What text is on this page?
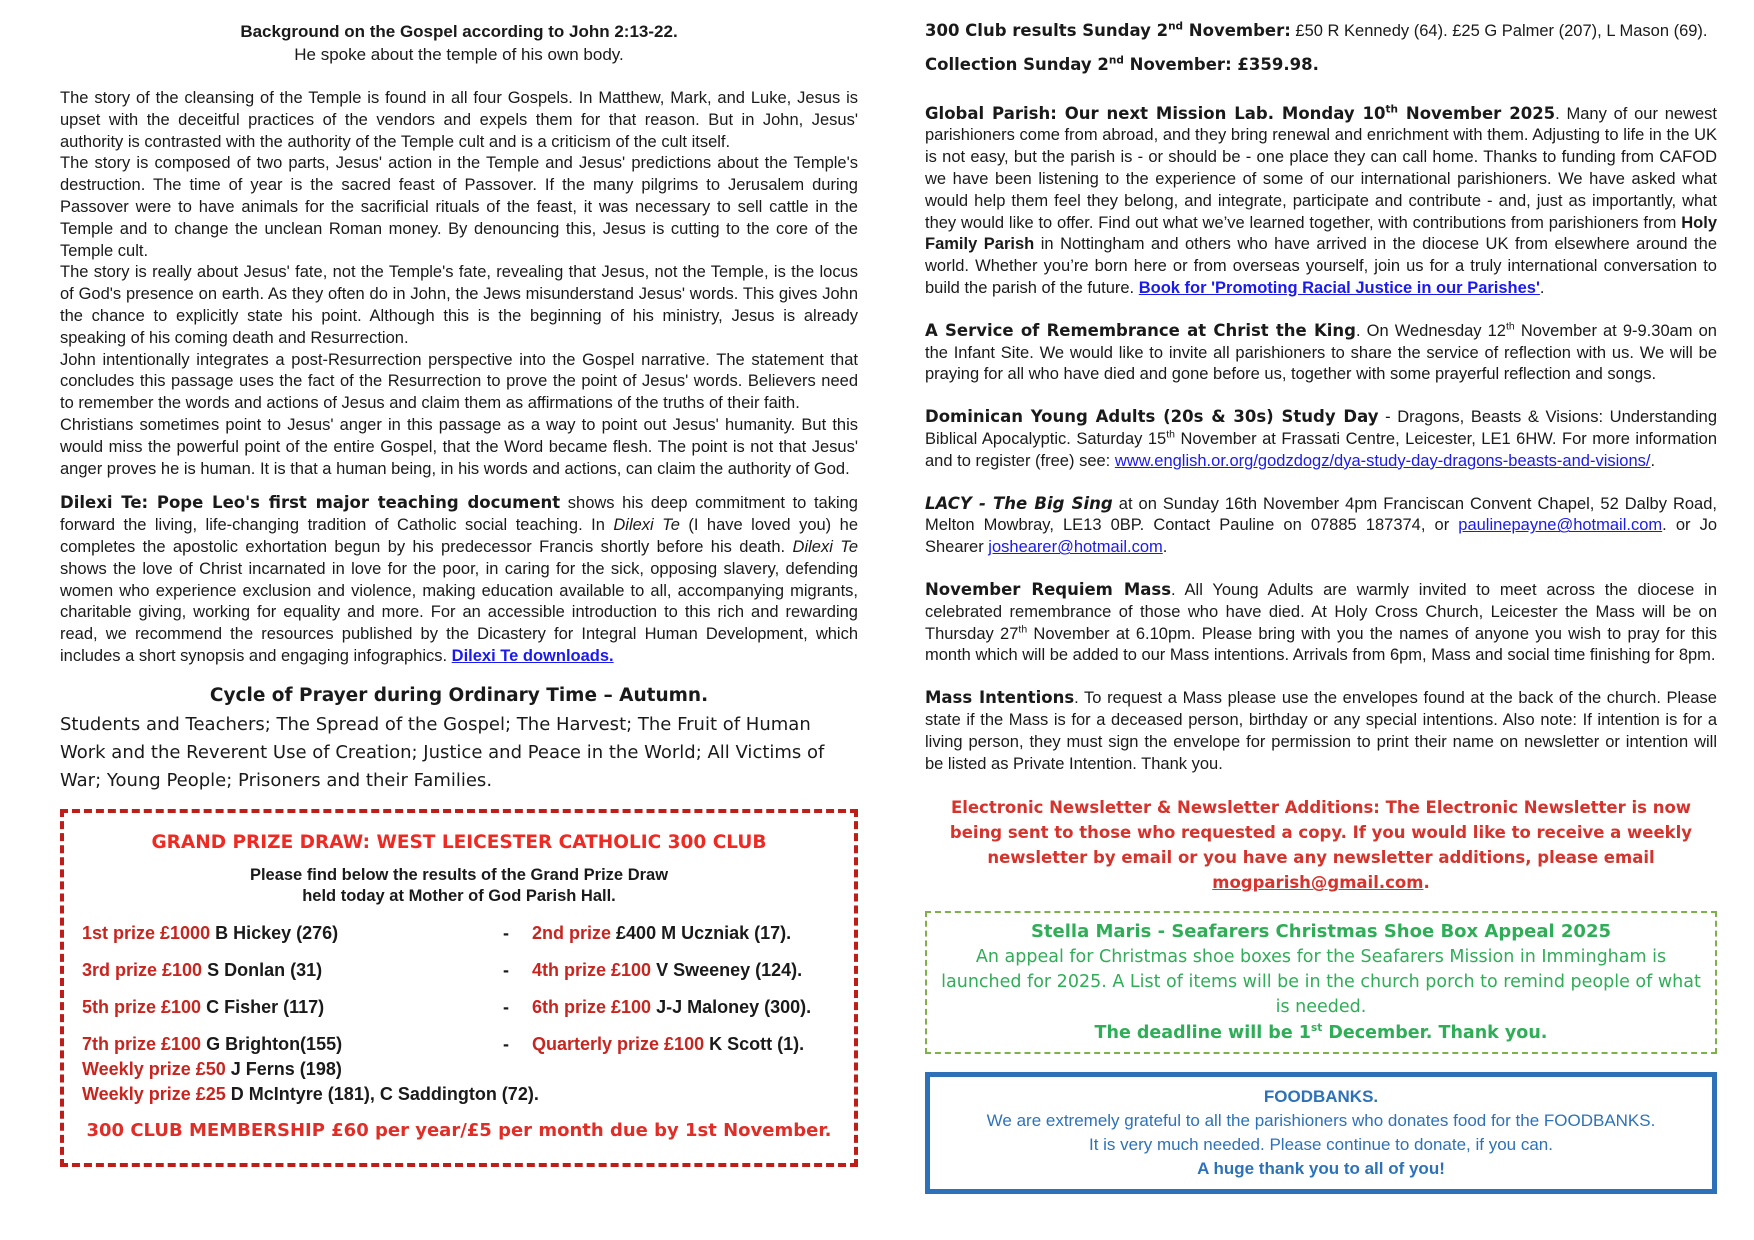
Background on the Gospel according to John 2:13-22.

He spoke about the temple of his own body.

The story of the cleansing of the Temple is found in all four Gospels. In Matthew, Mark, and Luke, Jesus is upset with the deceitful practices of the vendors and expels them for that reason. But in John, Jesus' authority is contrasted with the authority of the Temple cult and is a criticism of the cult itself.

The story is composed of two parts, Jesus' action in the Temple and Jesus' predictions about the Temple's destruction. The time of year is the sacred feast of Passover. If the many pilgrims to Jerusalem during Passover were to have animals for the sacrificial rituals of the feast, it was necessary to sell cattle in the Temple and to change the unclean Roman money. By denouncing this, Jesus is cutting to the core of the Temple cult.

The story is really about Jesus' fate, not the Temple's fate, revealing that Jesus, not the Temple, is the locus of God's presence on earth. As they often do in John, the Jews misunderstand Jesus' words. This gives John the chance to explicitly state his point. Although this is the beginning of his ministry, Jesus is already speaking of his coming death and Resurrection.

John intentionally integrates a post-Resurrection perspective into the Gospel narrative. The statement that concludes this passage uses the fact of the Resurrection to prove the point of Jesus' words. Believers need to remember the words and actions of Jesus and claim them as affirmations of the truths of their faith.

Christians sometimes point to Jesus' anger in this passage as a way to point out Jesus' humanity. But this would miss the powerful point of the entire Gospel, that the Word became flesh. The point is not that Jesus' anger proves he is human. It is that a human being, in his words and actions, can claim the authority of God.

Dilexi Te: Pope Leo's first major teaching document shows his deep commitment to taking forward the living, life-changing tradition of Catholic social teaching. In Dilexi Te (I have loved you) he completes the apostolic exhortation begun by his predecessor Francis shortly before his death. Dilexi Te shows the love of Christ incarnated in love for the poor, in caring for the sick, opposing slavery, defending women who experience exclusion and violence, making education available to all, accompanying migrants, charitable giving, working for equality and more. For an accessible introduction to this rich and rewarding read, we recommend the resources published by the Dicastery for Integral Human Development, which includes a short synopsis and engaging infographics. Dilexi Te downloads.

Cycle of Prayer during Ordinary Time – Autumn.

Students and Teachers; The Spread of the Gospel; The Harvest; The Fruit of Human Work and the Reverent Use of Creation; Justice and Peace in the World; All Victims of War; Young People; Prisoners and their Families.

GRAND PRIZE DRAW: WEST LEICESTER CATHOLIC 300 CLUB

Please find below the results of the Grand Prize Draw

held today at Mother of God Parish Hall.

1st prize £1000 B Hickey (276)	-	2nd prize £400 M Uczniak (17).
3rd prize £100 S Donlan (31)	-	4th prize £100 V Sweeney (124).
5th prize £100 C Fisher (117)	-	6th prize £100 J-J Maloney (300).
7th prize £100 G Brighton(155)	-	Quarterly prize £100 K Scott (1).
Weekly prize £50 J Ferns (198)
Weekly prize £25 D McIntyre (181), C Saddington (72).

300 CLUB MEMBERSHIP £60 per year/£5 per month due by 1st November.

300 Club results Sunday 2nd November: £50 R Kennedy (64). £25 G Palmer (207), L Mason (69).

Collection Sunday 2nd November: £359.98.

Global Parish: Our next Mission Lab. Monday 10th November 2025. Many of our newest parishioners come from abroad, and they bring renewal and enrichment with them. Adjusting to life in the UK is not easy, but the parish is - or should be - one place they can call home. Thanks to funding from CAFOD we have been listening to the experience of some of our international parishioners. We have asked what would help them feel they belong, and integrate, participate and contribute - and, just as importantly, what they would like to offer. Find out what we’ve learned together, with contributions from parishioners from Holy Family Parish in Nottingham and others who have arrived in the diocese UK from elsewhere around the world. Whether you’re born here or from overseas yourself, join us for a truly international conversation to build the parish of the future. Book for 'Promoting Racial Justice in our Parishes'.

A Service of Remembrance at Christ the King. On Wednesday 12th November at 9-9.30am on the Infant Site. We would like to invite all parishioners to share the service of reflection with us. We will be praying for all who have died and gone before us, together with some prayerful reflection and songs.

Dominican Young Adults (20s & 30s) Study Day - Dragons, Beasts & Visions: Understanding Biblical Apocalyptic. Saturday 15th November at Frassati Centre, Leicester, LE1 6HW. For more information and to register (free) see: www.english.or.org/godzdogz/dya-study-day-dragons-beasts-and-visions/.

LACY - The Big Sing at on Sunday 16th November 4pm Franciscan Convent Chapel, 52 Dalby Road, Melton Mowbray, LE13 0BP. Contact Pauline on 07885 187374, or paulinepayne@hotmail.com. or Jo Shearer joshearer@hotmail.com.

November Requiem Mass. All Young Adults are warmly invited to meet across the diocese in celebrated remembrance of those who have died. At Holy Cross Church, Leicester the Mass will be on Thursday 27th November at 6.10pm. Please bring with you the names of anyone you wish to pray for this month which will be added to our Mass intentions. Arrivals from 6pm, Mass and social time finishing for 8pm.

Mass Intentions. To request a Mass please use the envelopes found at the back of the church. Please state if the Mass is for a deceased person, birthday or any special intentions. Also note: If intention is for a living person, they must sign the envelope for permission to print their name on newsletter or intention will be listed as Private Intention. Thank you.

Electronic Newsletter & Newsletter Additions: The Electronic Newsletter is now being sent to those who requested a copy. If you would like to receive a weekly newsletter by email or you have any newsletter additions, please email mogparish@gmail.com.

Stella Maris - Seafarers Christmas Shoe Box Appeal 2025
An appeal for Christmas shoe boxes for the Seafarers Mission in Immingham is launched for 2025. A List of items will be in the church porch to remind people of what is needed.
The deadline will be 1st December. Thank you.
FOODBANKS.
We are extremely grateful to all the parishioners who donates food for the FOODBANKS.
It is very much needed. Please continue to donate, if you can.
A huge thank you to all of you!
